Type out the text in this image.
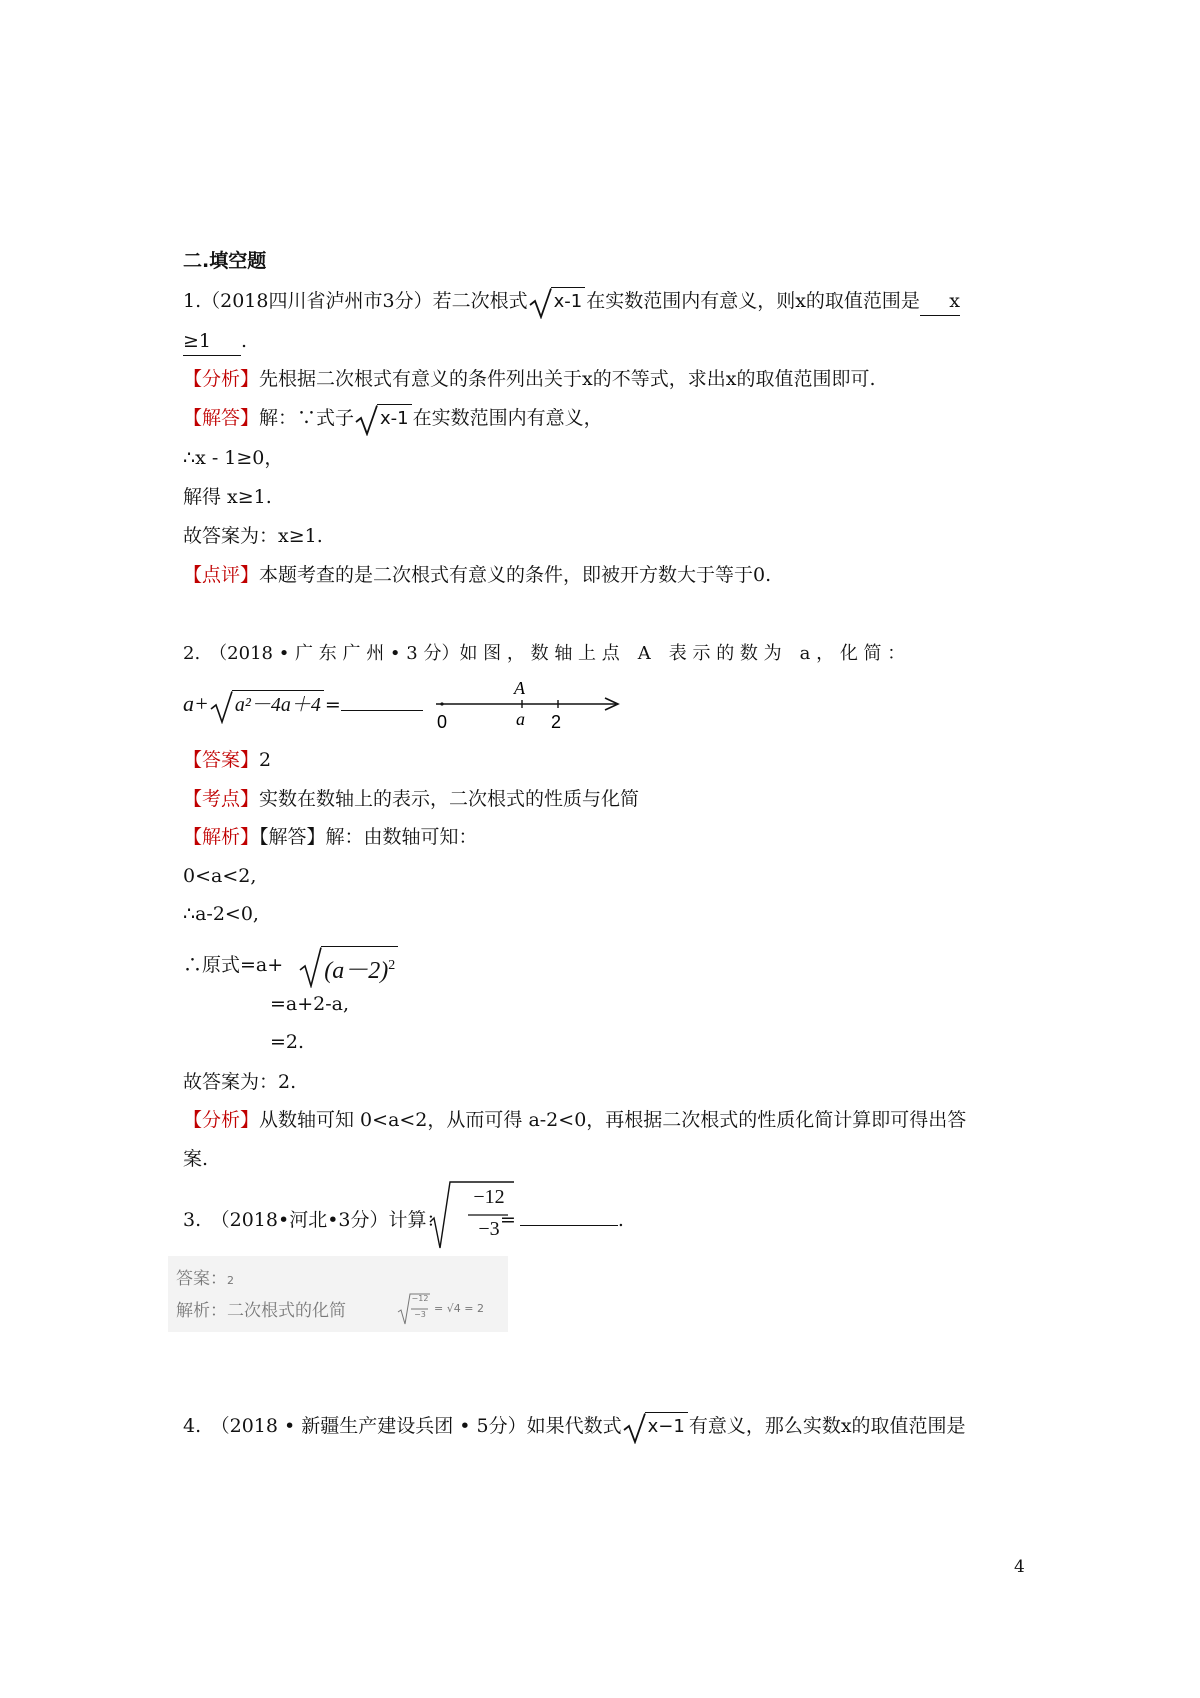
二.填空题
1.（2018四川省泸州市3分）若二次根式 x-1 在实数范围内有意义，则x的取值范围是 x
≥1 .
【分析】先根据二次根式有意义的条件列出关于x的不等式，求出x的取值范围即可.
【解答】解：∵式子 x-1 在实数范围内有意义，
∴x - 1≥0，
解得 x≥1.
故答案为：x≥1.
【点评】本题考查的是二次根式有意义的条件，即被开方数大于等于0.
2.　（2018 • 广 东 广 州 • 3 分）如 图 ， 数 轴 上 点　A　表 示 的 数 为　a ， 化 简 ：
a+ a²－4a＋4 =
0
A
a 2
【答案】2
【考点】实数在数轴上的表示，二次根式的性质与化简
【解析】【解答】解：由数轴可知：
0<a<2,
∴a-2<0,
∴原式$=a+ (a-2)^2$
=a+2-a,
=2.
故答案为：2.
【分析】从数轴可知 0<a<2，从而可得 a-2<0，再根据二次根式的性质化简计算即可得出答
案.
3.　（2018•河北•3分）计算：
−12
−3 =	.
答案：2
解析：二次根式的化简
−12
−3 = √4 = 2
4.　（2018 • 新疆生产建设兵团 • 5分）如果代数式 x−1 有意义，那么实数x的取值范围是
4
